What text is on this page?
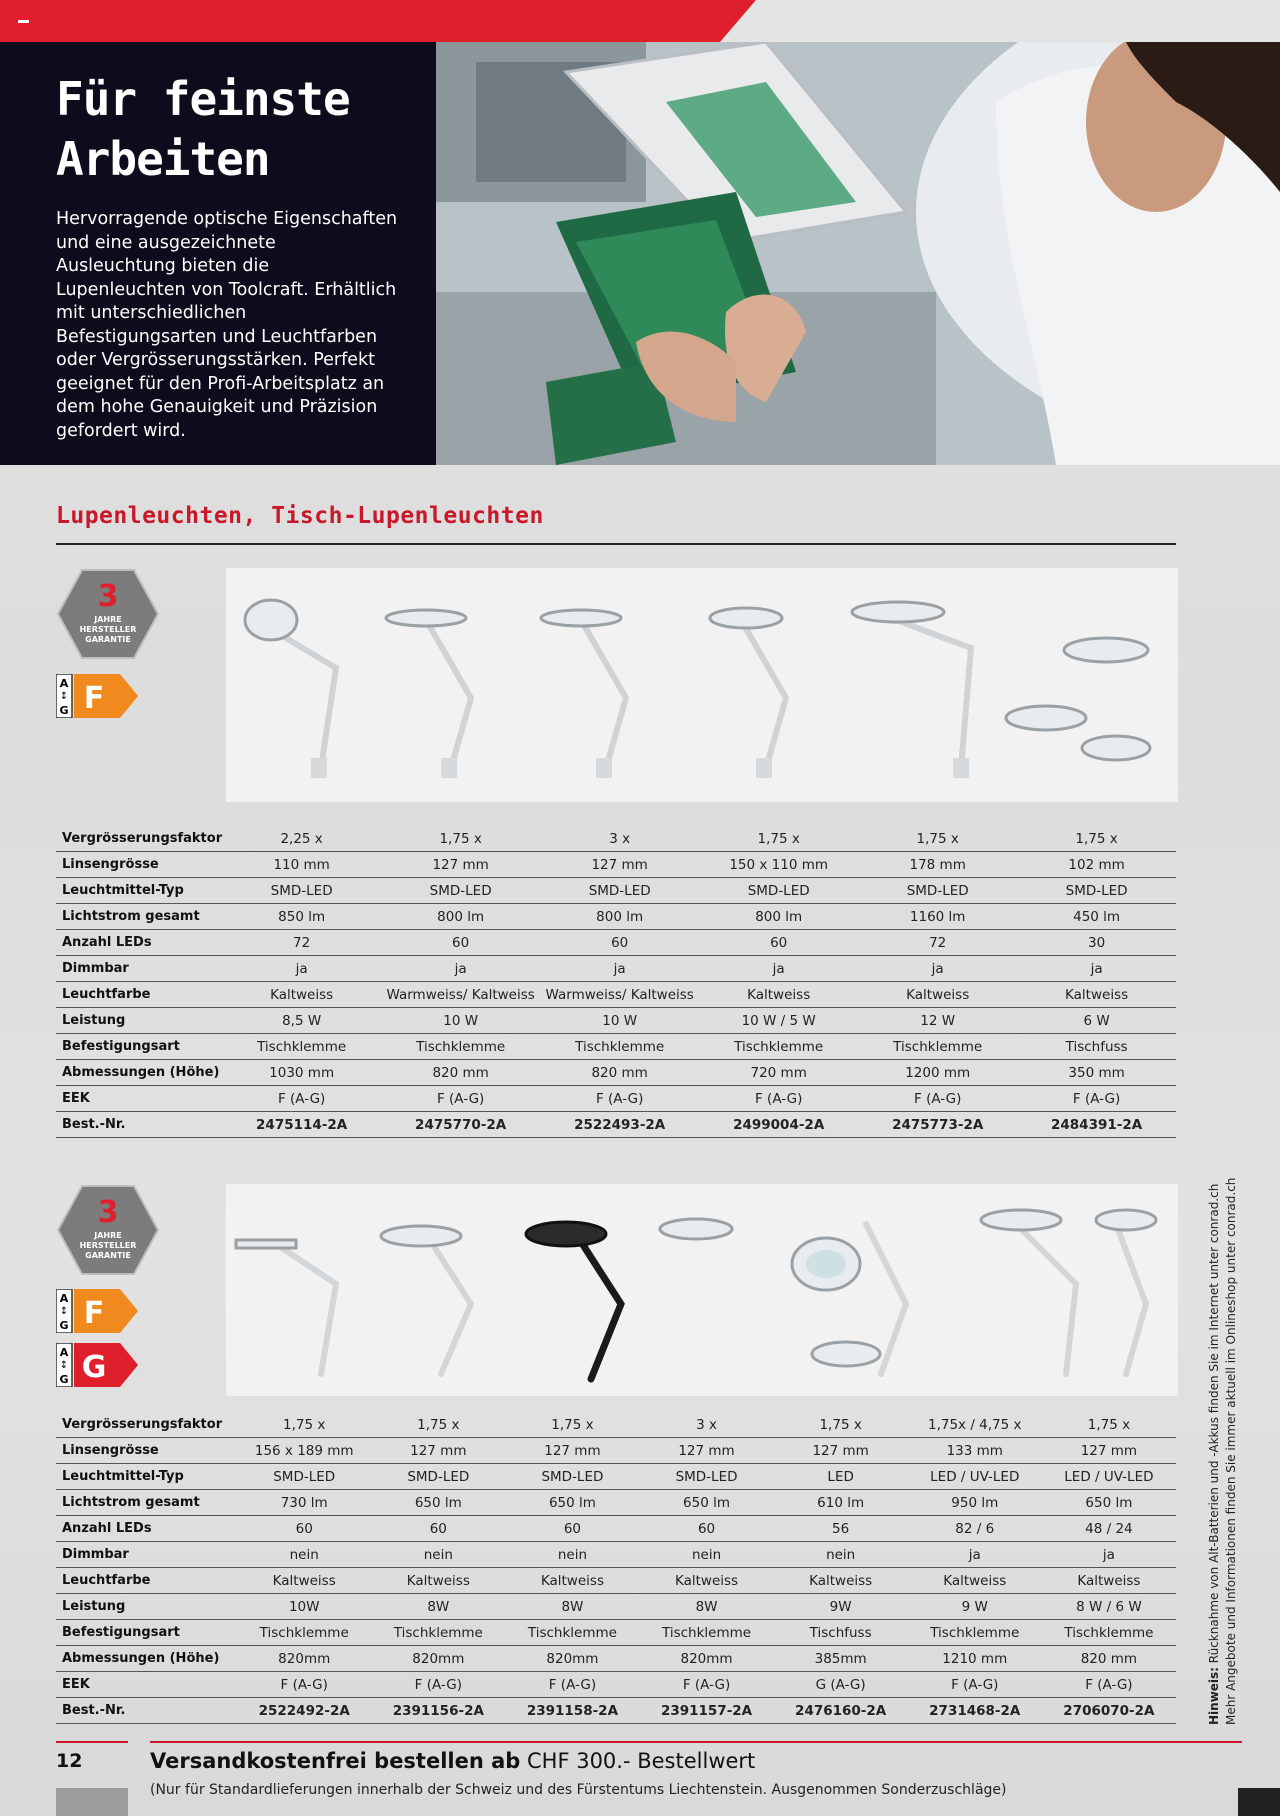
Für feinste
Arbeiten

Hervorragende optische Eigenschaften und eine ausgezeichnete Ausleuchtung bieten die Lupenleuchten von Toolcraft. Erhältlich mit unterschiedlichen Befestigungsarten und Leuchtfarben oder Vergrösserungsstärken. Perfekt geeignet für den Profi-Arbeitsplatz an dem hohe Genauigkeit und Präzision gefordert wird.

Lupenleuchten, Tisch-Lupenleuchten
3
JAHRE
HERSTELLER
GARANTIE
A
↕
G F
Vergrösserungsfaktor	2,25 x	1,75 x	3 x	1,75 x	1,75 x	1,75 x
Linsengrösse	110 mm	127 mm	127 mm	150 x 110 mm	178 mm	102 mm
Leuchtmittel-Typ	SMD-LED	SMD-LED	SMD-LED	SMD-LED	SMD-LED	SMD-LED
Lichtstrom gesamt	850 lm	800 lm	800 lm	800 lm	1160 lm	450 lm
Anzahl LEDs	72	60	60	60	72	30
Dimmbar	ja	ja	ja	ja	ja	ja
Leuchtfarbe	Kaltweiss	Warmweiss/ Kaltweiss	Warmweiss/ Kaltweiss	Kaltweiss	Kaltweiss	Kaltweiss
Leistung	8,5 W	10 W	10 W	10 W / 5 W	12 W	6 W
Befestigungsart	Tischklemme	Tischklemme	Tischklemme	Tischklemme	Tischklemme	Tischfuss
Abmessungen (Höhe)	1030 mm	820 mm	820 mm	720 mm	1200 mm	350 mm
EEK	F (A-G)	F (A-G)	F (A-G)	F (A-G)	F (A-G)	F (A-G)
Best.-Nr.	2475114-2A	2475770-2A	2522493-2A	2499004-2A	2475773-2A	2484391-2A
3
JAHRE
HERSTELLER
GARANTIE
A
↕
G F
A
↕
G G
Vergrösserungsfaktor	1,75 x	1,75 x	1,75 x	3 x	1,75 x	1,75x / 4,75 x	1,75 x
Linsengrösse	156 x 189 mm	127 mm	127 mm	127 mm	127 mm	133 mm	127 mm
Leuchtmittel-Typ	SMD-LED	SMD-LED	SMD-LED	SMD-LED	LED	LED / UV-LED	LED / UV-LED
Lichtstrom gesamt	730 lm	650 lm	650 lm	650 lm	610 lm	950 lm	650 lm
Anzahl LEDs	60	60	60	60	56	82 / 6	48 / 24
Dimmbar	nein	nein	nein	nein	nein	ja	ja
Leuchtfarbe	Kaltweiss	Kaltweiss	Kaltweiss	Kaltweiss	Kaltweiss	Kaltweiss	Kaltweiss
Leistung	10W	8W	8W	8W	9W	9 W	8 W / 6 W
Befestigungsart	Tischklemme	Tischklemme	Tischklemme	Tischklemme	Tischfuss	Tischklemme	Tischklemme
Abmessungen (Höhe)	820mm	820mm	820mm	820mm	385mm	1210 mm	820 mm
EEK	F (A-G)	F (A-G)	F (A-G)	F (A-G)	G (A-G)	F (A-G)	F (A-G)
Best.-Nr.	2522492-2A	2391156-2A	2391158-2A	2391157-2A	2476160-2A	2731468-2A	2706070-2A	Hinweis: Rücknahme von Alt-Batterien und -Akkus finden Sie im Internet unter conrad.ch Mehr Angebote und Informationen finden Sie immer aktuell im Onlineshop unter conrad.ch
12	Versandkostenfrei bestellen ab CHF 300.- Bestellwert
(Nur für Standardlieferungen innerhalb der Schweiz und des Fürstentums Liechtenstein. Ausgenommen Sonderzuschläge)
